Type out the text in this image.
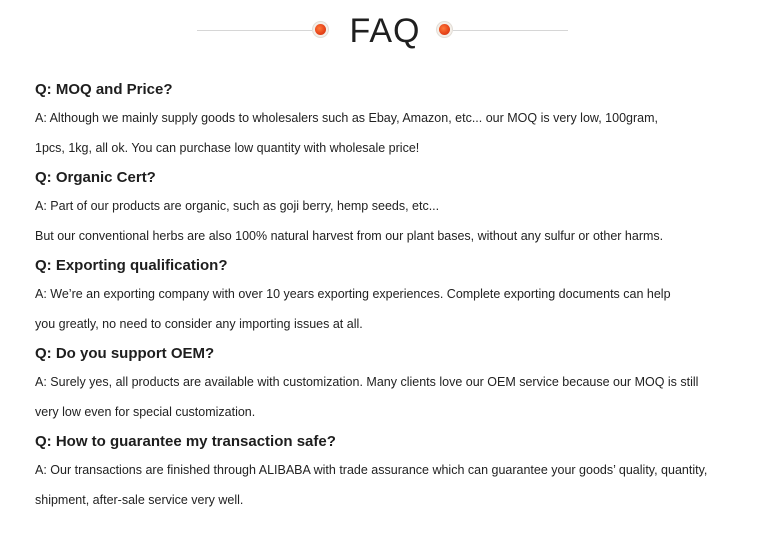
FAQ
Q: MOQ and Price?
A: Although we mainly supply goods to wholesalers such as Ebay, Amazon, etc... our MOQ is very low, 100gram,
1pcs, 1kg, all ok. You can purchase low quantity with wholesale price!
Q: Organic Cert?
A: Part of our products are organic, such as goji berry, hemp seeds, etc...
But our conventional herbs are also 100% natural harvest from our plant bases, without any sulfur or other harms.
Q: Exporting qualification?
A: We’re an exporting company with over 10 years exporting experiences. Complete exporting documents can help
you greatly, no need to consider any importing issues at all.
Q: Do you support OEM?
A: Surely yes, all products are available with customization. Many clients love our OEM service because our MOQ is still
very low even for special customization.
Q: How to guarantee my transaction safe?
A: Our transactions are finished through ALIBABA with trade assurance which can guarantee your goods’ quality, quantity,
shipment, after-sale service very well.
